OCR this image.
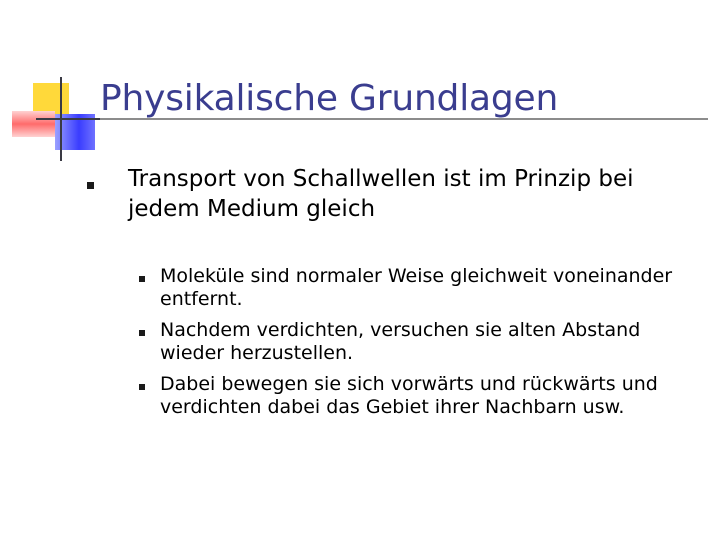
Physikalische Grundlagen
Transport von Schallwellen ist im Prinzip bei jedem Medium gleich
Moleküle sind normaler Weise gleichweit voneinander entfernt.
Nachdem verdichten, versuchen sie alten Abstand wieder herzustellen.
Dabei bewegen sie sich vorwärts und rückwärts und verdichten dabei das Gebiet ihrer Nachbarn usw.
